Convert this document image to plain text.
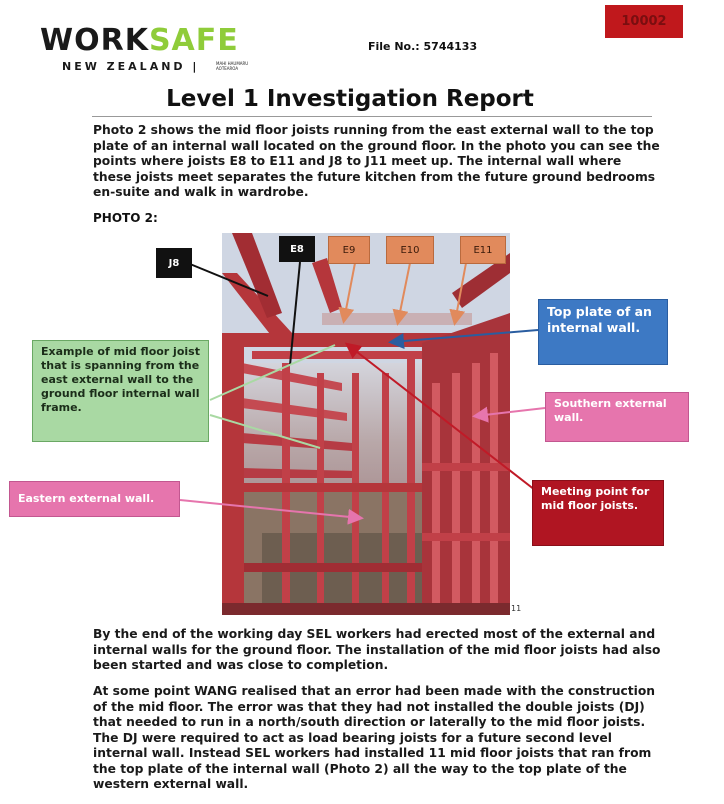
10002
WORKSAFE
NEW ZEALAND |	MAHI HAUMARU AOTEAROA
File No.: 5744133
Level 1 Investigation Report
Photo 2 shows the mid floor joists running from the east external wall to the top plate of an internal wall located on the ground floor. In the photo you can see the points where joists E8 to E11 and J8 to J11 meet up. The internal wall where these joists meet separates the future kitchen from the future ground bedrooms en-suite and walk in wardrobe.
PHOTO 2:
11
J8
E8	E9	E10	E11
Example of mid floor joist that is spanning from the east external wall to the ground floor internal wall frame.
Top plate of an internal wall.
Southern external wall.
Eastern external wall.
Meeting point for mid floor joists.
By the end of the working day SEL workers had erected most of the external and internal walls for the ground floor. The installation of the mid floor joists had also been started and was close to completion.
At some point WANG realised that an error had been made with the construction of the mid floor. The error was that they had not installed the double joists (DJ) that needed to run in a north/south direction or laterally to the mid floor joists. The DJ were required to act as load bearing joists for a future second level internal wall. Instead SEL workers had installed 11 mid floor joists that ran from the top plate of the internal wall (Photo 2) all the way to the top plate of the western external wall.
